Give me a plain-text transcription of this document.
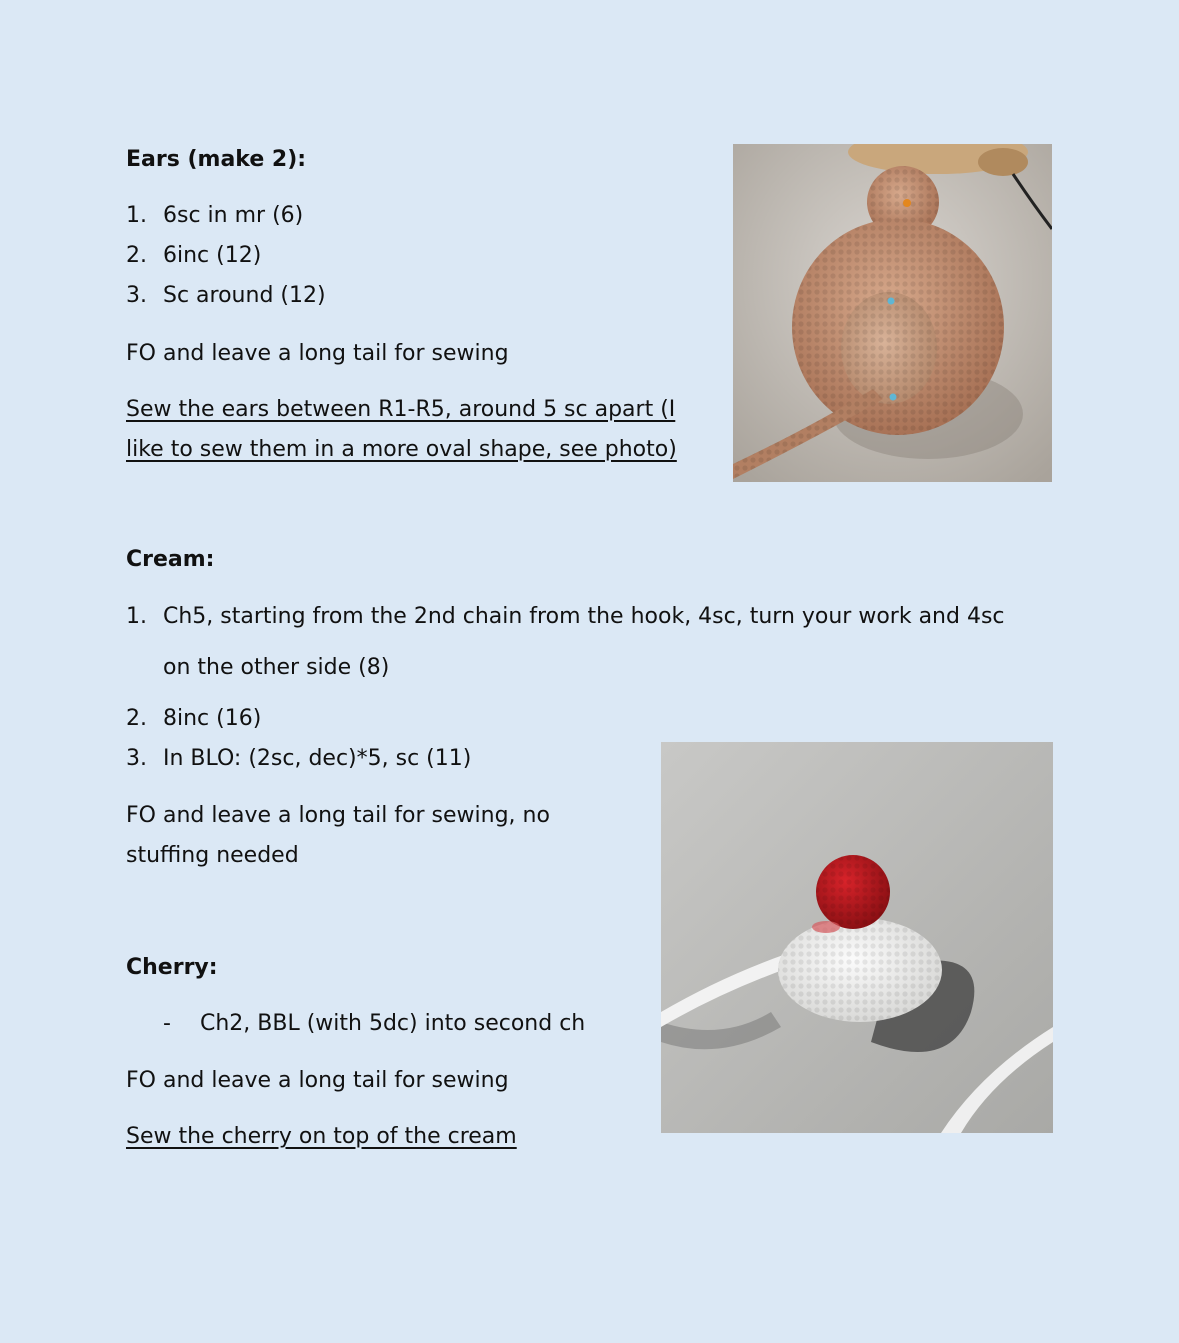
Ears (make 2):
1. 6sc in mr (6)
2. 6inc (12)
3. Sc around (12)
FO and leave a long tail for sewing
Sew the ears between R1-R5, around 5 sc apart (I
like to sew them in a more oval shape, see photo)
Cream:
1. Ch5, starting from the 2nd chain from the hook, 4sc, turn your work and 4sc
on the other side (8)
2. 8inc (16)
3. In BLO: (2sc, dec)*5, sc (11)
FO and leave a long tail for sewing, no
stuffing needed
Cherry:
- Ch2, BBL (with 5dc) into second ch
FO and leave a long tail for sewing
Sew the cherry on top of the cream
